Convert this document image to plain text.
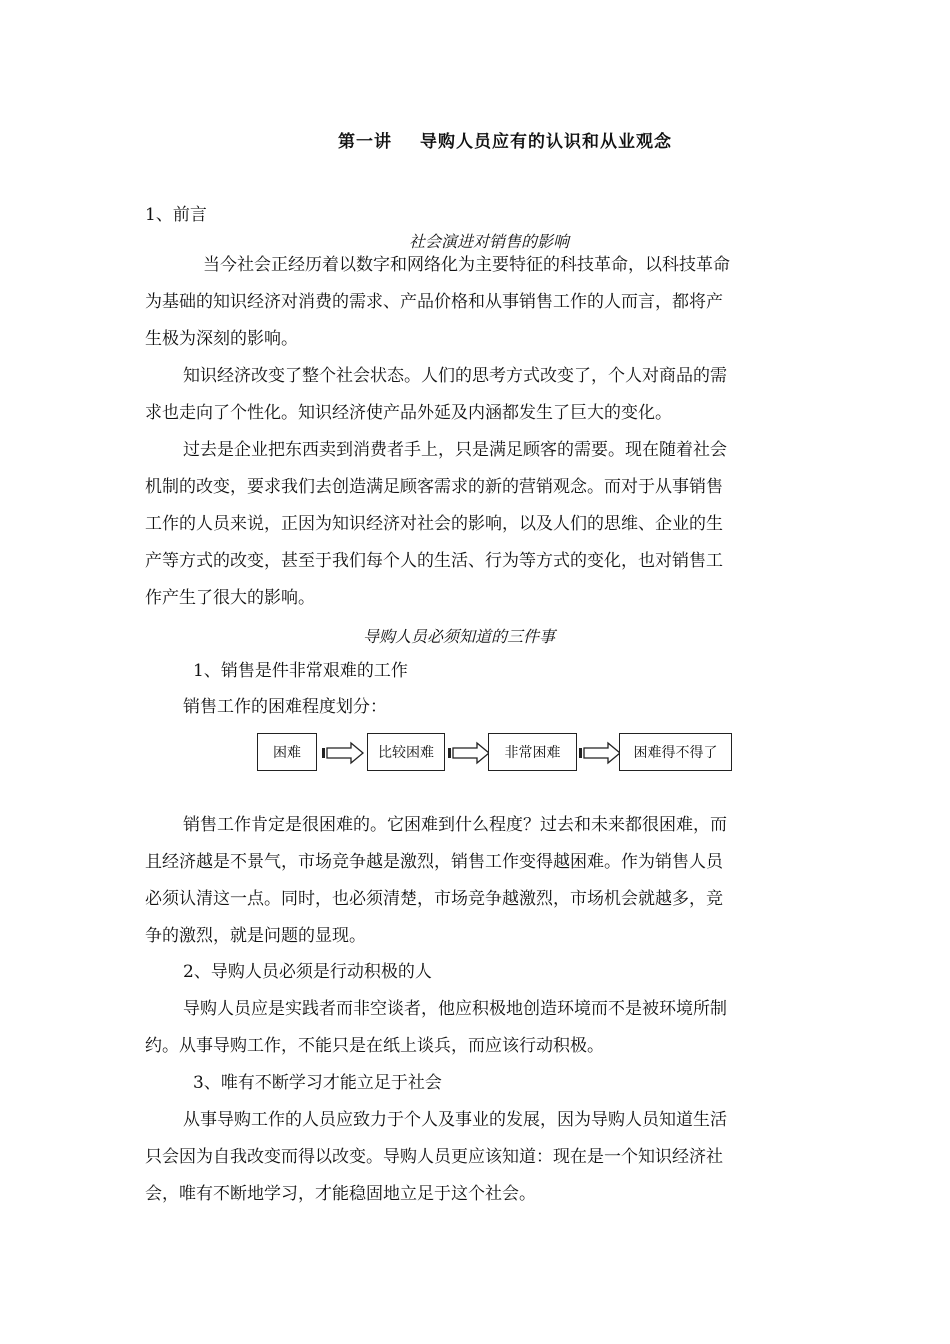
第一讲 导购人员应有的认识和从业观念
1、前言
社会演进对销售的影响
当今社会正经历着以数字和网络化为主要特征的科技革命，以科技革命
为基础的知识经济对消费的需求、产品价格和从事销售工作的人而言，都将产
生极为深刻的影响。
知识经济改变了整个社会状态。人们的思考方式改变了，个人对商品的需
求也走向了个性化。知识经济使产品外延及内涵都发生了巨大的变化。
过去是企业把东西卖到消费者手上，只是满足顾客的需要。现在随着社会
机制的改变，要求我们去创造满足顾客需求的新的营销观念。而对于从事销售
工作的人员来说，正因为知识经济对社会的影响，以及人们的思维、企业的生
产等方式的改变，甚至于我们每个人的生活、行为等方式的变化，也对销售工
作产生了很大的影响。
导购人员必须知道的三件事
1、销售是件非常艰难的工作
销售工作的困难程度划分：
困难	比较困难	非常困难	困难得不得了
销售工作肯定是很困难的。它困难到什么程度？过去和未来都很困难，而
且经济越是不景气，市场竞争越是激烈，销售工作变得越困难。作为销售人员
必须认清这一点。同时，也必须清楚，市场竞争越激烈，市场机会就越多，竞
争的激烈，就是问题的显现。
2、导购人员必须是行动积极的人
导购人员应是实践者而非空谈者，他应积极地创造环境而不是被环境所制
约。从事导购工作，不能只是在纸上谈兵，而应该行动积极。
3、唯有不断学习才能立足于社会
从事导购工作的人员应致力于个人及事业的发展，因为导购人员知道生活
只会因为自我改变而得以改变。导购人员更应该知道：现在是一个知识经济社
会，唯有不断地学习，才能稳固地立足于这个社会。
